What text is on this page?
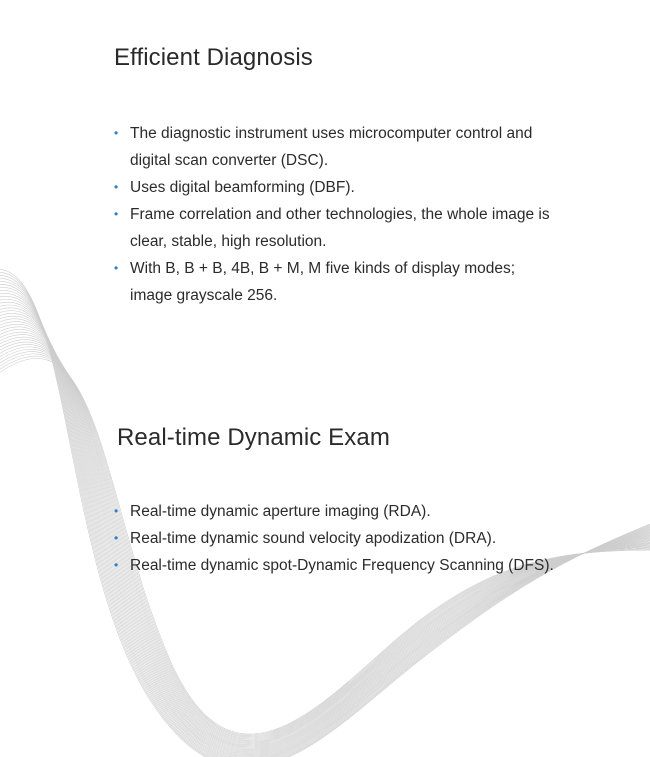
Efficient Diagnosis
• The diagnostic instrument uses microcomputer control and digital scan converter (DSC).
• Uses digital beamforming (DBF).
• Frame correlation and other technologies, the whole image is clear, stable, high resolution.
• With B, B + B, 4B, B + M, M five kinds of display modes; image grayscale 256.
Real-time Dynamic Exam
• Real-time dynamic aperture imaging (RDA).
• Real-time dynamic sound velocity apodization (DRA).
• Real-time dynamic spot-Dynamic Frequency Scanning (DFS).
